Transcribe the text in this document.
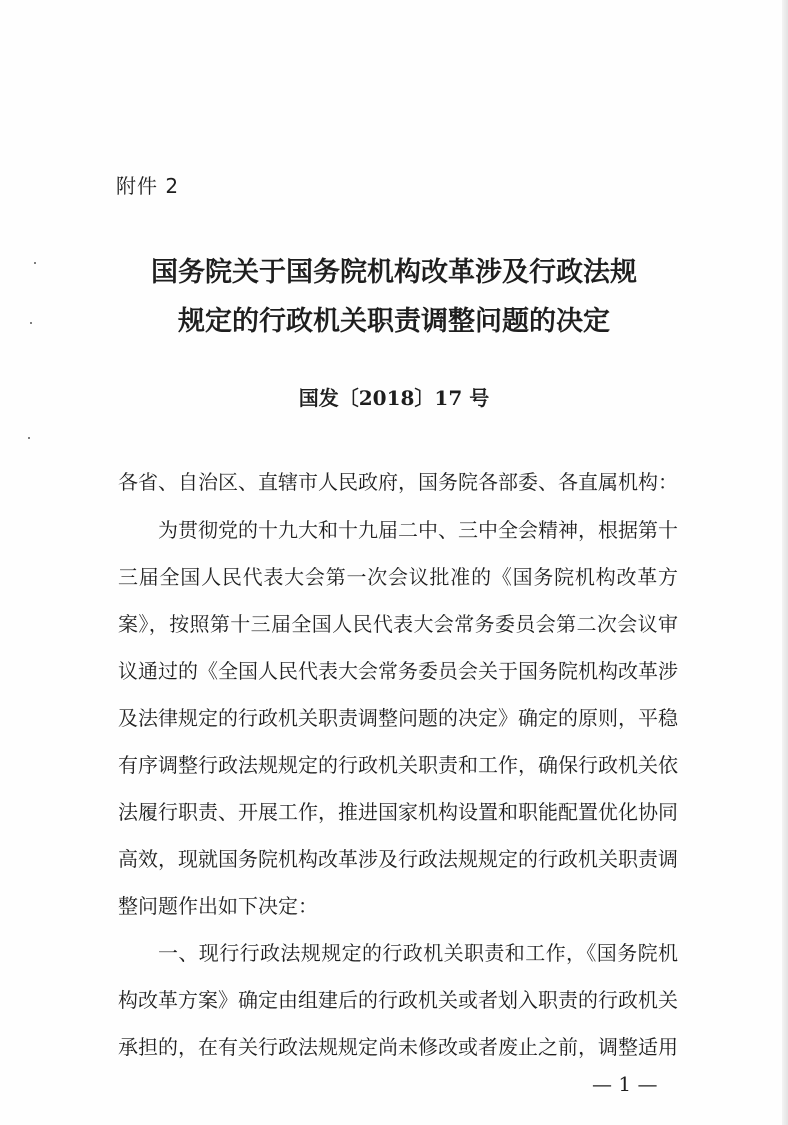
附件 2
国务院关于国务院机构改革涉及行政法规
规定的行政机关职责调整问题的决定
国发〔2018〕17 号
各省、自治区、直辖市人民政府，国务院各部委、各直属机构：
为贯彻党的十九大和十九届二中、三中全会精神，根据第十
三届全国人民代表大会第一次会议批准的《国务院机构改革方
案》，按照第十三届全国人民代表大会常务委员会第二次会议审
议通过的《全国人民代表大会常务委员会关于国务院机构改革涉
及法律规定的行政机关职责调整问题的决定》确定的原则，平稳
有序调整行政法规规定的行政机关职责和工作，确保行政机关依
法履行职责、开展工作，推进国家机构设置和职能配置优化协同
高效，现就国务院机构改革涉及行政法规规定的行政机关职责调
整问题作出如下决定：
一、现行行政法规规定的行政机关职责和工作，《国务院机
构改革方案》确定由组建后的行政机关或者划入职责的行政机关
承担的，在有关行政法规规定尚未修改或者废止之前，调整适用
— 1 —
